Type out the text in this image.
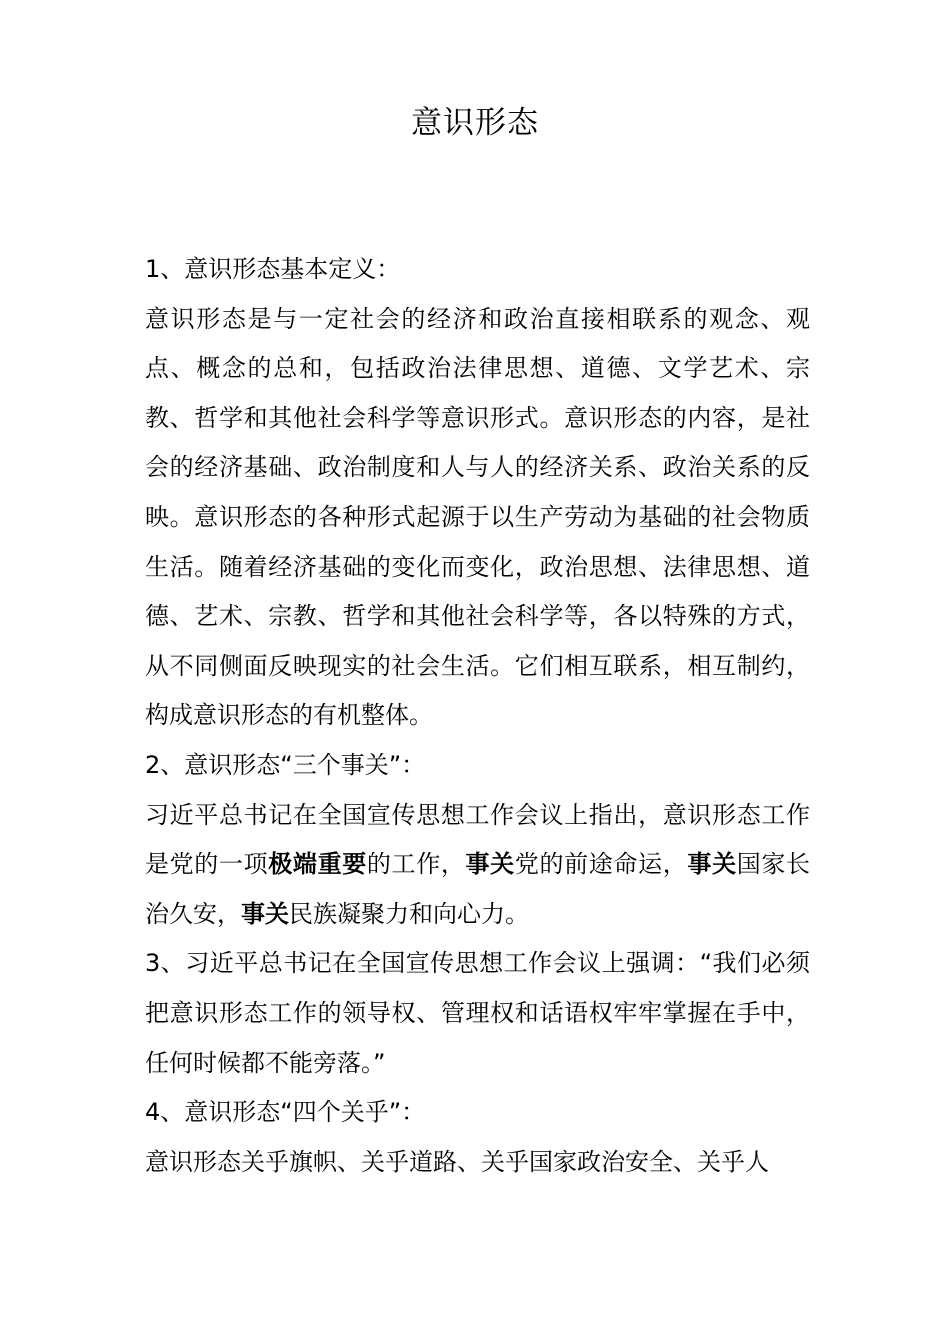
意识形态

1、意识形态基本定义：

意识形态是与一定社会的经济和政治直接相联系的观念、观点、概念的总和，包括政治法律思想、道德、文学艺术、宗教、哲学和其他社会科学等意识形式。意识形态的内容，是社会的经济基础、政治制度和人与人的经济关系、政治关系的反映。意识形态的各种形式起源于以生产劳动为基础的社会物质生活。随着经济基础的变化而变化，政治思想、法律思想、道德、艺术、宗教、哲学和其他社会科学等，各以特殊的方式，从不同侧面反映现实的社会生活。它们相互联系，相互制约，构成意识形态的有机整体。

2、意识形态“三个事关”：

习近平总书记在全国宣传思想工作会议上指出，意识形态工作是党的一项极端重要的工作，事关党的前途命运，事关国家长治久安，事关民族凝聚力和向心力。

3、习近平总书记在全国宣传思想工作会议上强调：“我们必须把意识形态工作的领导权、管理权和话语权牢牢掌握在手中，任何时候都不能旁落。”

4、意识形态“四个关乎”：

意识形态关乎旗帜、关乎道路、关乎国家政治安全、关乎人
